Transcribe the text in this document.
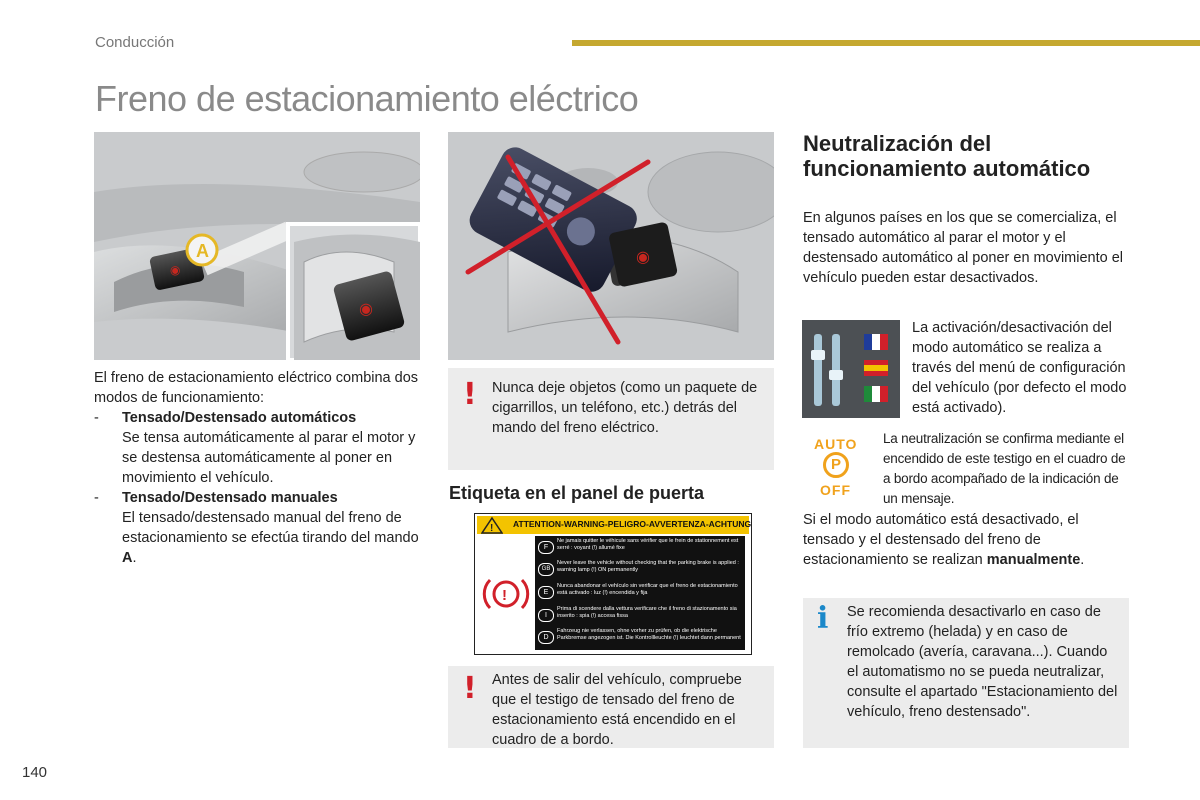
Conducción
Freno de estacionamiento eléctrico
◉
A
◉
◉
El freno de estacionamiento eléctrico combina dos modos de funcionamiento:
- Tensado/Destensado automáticos
Se tensa automáticamente al parar el motor y se destensa automáticamente al poner en movimiento el vehículo.
- Tensado/Destensado manuales
El tensado/destensado manual del freno de estacionamiento se efectúa tirando del mando A.
! Nunca deje objetos (como un paquete de cigarrillos, un teléfono, etc.) detrás del mando del freno eléctrico.
Etiqueta en el panel de puerta
! ATTENTION-WARNING-PELIGRO-AVVERTENZA-ACHTUNG
!
F
Ne jamais quitter le véhicule sans vérifier que le frein de stationnement est serré : voyant (!) allumé fixe
GB
Never leave the vehicle without checking that the parking brake is applied : warning lamp (!) ON permanently
E
Nunca abandonar el vehículo sin verificar que el freno de estacionamiento está activado : luz (!) encendida y fija
I
Prima di scendere dalla vettura verificare che il freno di stazionamento sia inserito : spia (!) accesa fissa
D
Fahrzeug nie verlassen, ohne vorher zu prüfen, ob die elektrische Parkbremse angezogen ist. Die Kontrollleuchte (!) leuchtet dann permanent
! Antes de salir del vehículo, compruebe que el testigo de tensado del freno de estacionamiento está encendido en el cuadro de a bordo.
Neutralización del funcionamiento automático
En algunos países en los que se comercializa, el tensado automático al parar el motor y el destensado automático al poner en movimiento el vehículo pueden estar desactivados.
La activación/desactivación del modo automático se realiza a través del menú de configuración del vehículo (por defecto el modo está activado).
AUTO
P
OFF
La neutralización se confirma mediante el encendido de este testigo en el cuadro de a bordo acompañado de la indicación de un mensaje.
Si el modo automático está desactivado, el tensado y el destensado del freno de estacionamiento se realizan manualmente.
i Se recomienda desactivarlo en caso de frío extremo (helada) y en caso de remolcado (avería, caravana...). Cuando el automatismo no se pueda neutralizar, consulte el apartado "Estacionamiento del vehículo, freno destensado".
140
